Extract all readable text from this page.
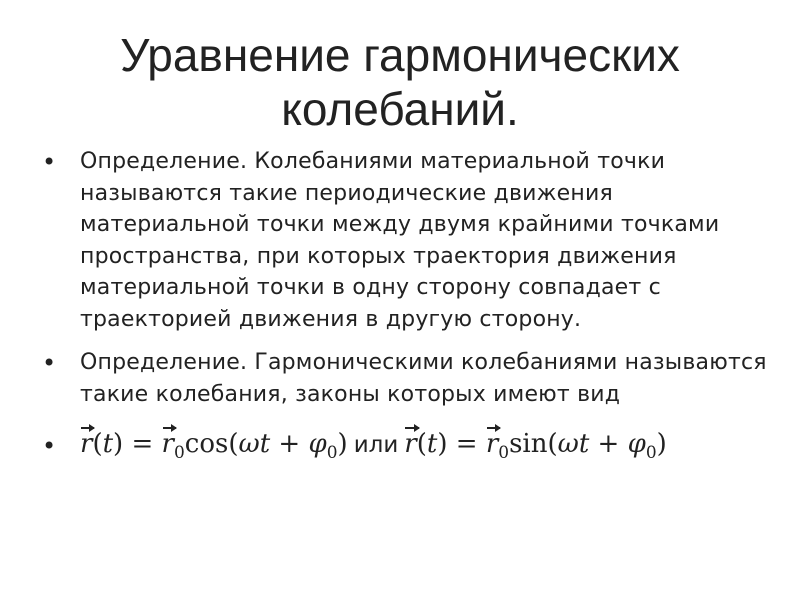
Уравнение гармонических
колебаний.
• Определение. Колебаниями материальной точки называются такие периодические движения материальной точки между двумя крайними точками пространства, при которых траектория движения материальной точки в одну сторону совпадает с траекторией движения в другую сторону.
• Определение. Гармоническими колебаниями называются такие колебания, законы которых имеют вид
• $r(t) = r_0\cos(\omega t + \varphi_0)$ или $r(t) = r_0\sin(\omega t + \varphi_0)$
